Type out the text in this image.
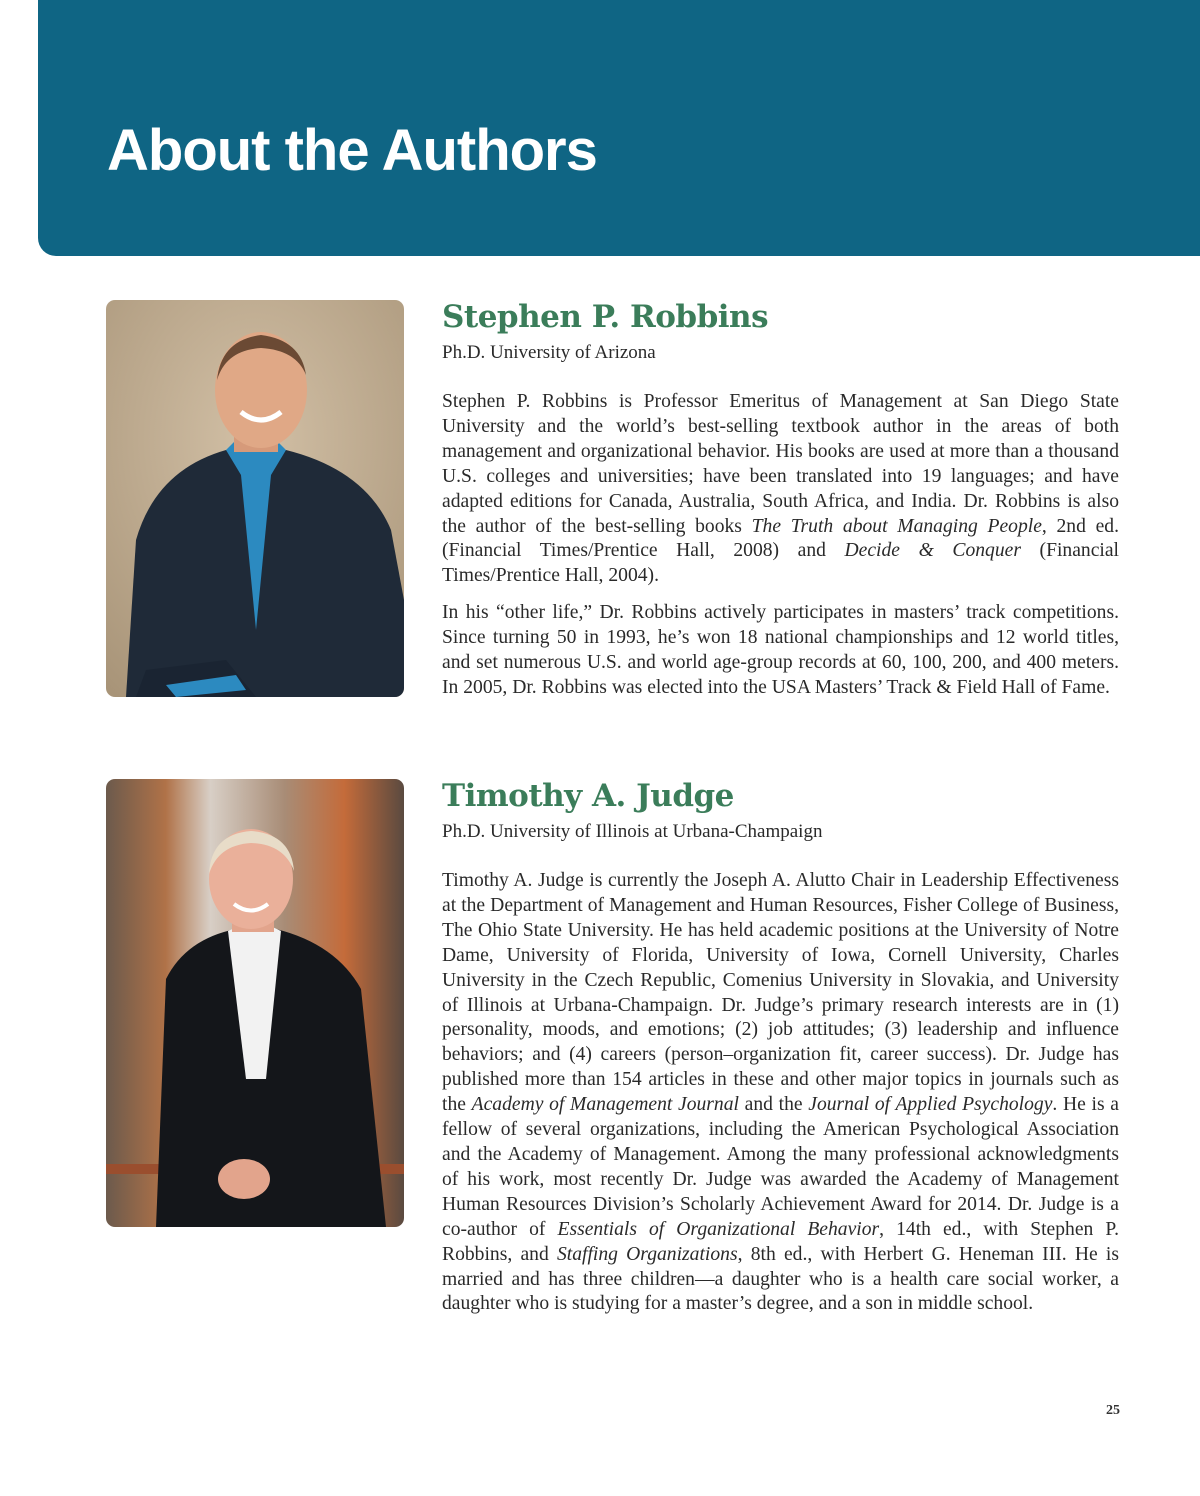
About the Authors
Stephen P. Robbins

Ph.D. University of Arizona

Stephen P. Robbins is Professor Emeritus of Management at San Diego State University and the world’s best-selling textbook author in the areas of both management and organizational behavior. His books are used at more than a thousand U.S. colleges and universities; have been translated into 19 languages; and have adapted editions for Canada, Australia, South Africa, and India. Dr. Robbins is also the author of the best-selling books The Truth about Managing People, 2nd ed. (Financial Times/Prentice Hall, 2008) and Decide & Conquer (Financial Times/Prentice Hall, 2004).

In his “other life,” Dr. Robbins actively participates in masters’ track competitions. Since turning 50 in 1993, he’s won 18 national championships and 12 world titles, and set numerous U.S. and world age-group records at 60, 100, 200, and 400 meters. In 2005, Dr. Robbins was elected into the USA Masters’ Track & Field Hall of Fame.

Timothy A. Judge

Ph.D. University of Illinois at Urbana-Champaign

Timothy A. Judge is currently the Joseph A. Alutto Chair in Leadership Effectiveness at the Department of Management and Human Resources, Fisher College of Business, The Ohio State University. He has held academic positions at the University of Notre Dame, University of Florida, University of Iowa, Cornell University, Charles University in the Czech Republic, Comenius University in Slovakia, and University of Illinois at Urbana-Champaign. Dr. Judge’s primary research interests are in (1) personality, moods, and emotions; (2) job attitudes; (3) leadership and influence behaviors; and (4) careers (person–organization fit, career success). Dr. Judge has published more than 154 articles in these and other major topics in journals such as the Academy of Management Journal and the Journal of Applied Psychology. He is a fellow of several organizations, including the American Psychological Association and the Academy of Management. Among the many professional acknowledgments of his work, most recently Dr. Judge was awarded the Academy of Management Human Resources Division’s Scholarly Achievement Award for 2014. Dr. Judge is a co-author of Essentials of Organizational Behavior, 14th ed., with Stephen P. Robbins, and Staffing Organizations, 8th ed., with Herbert G. Heneman III. He is married and has three children—a daughter who is a health care social worker, a daughter who is studying for a master’s degree, and a son in middle school.

25
